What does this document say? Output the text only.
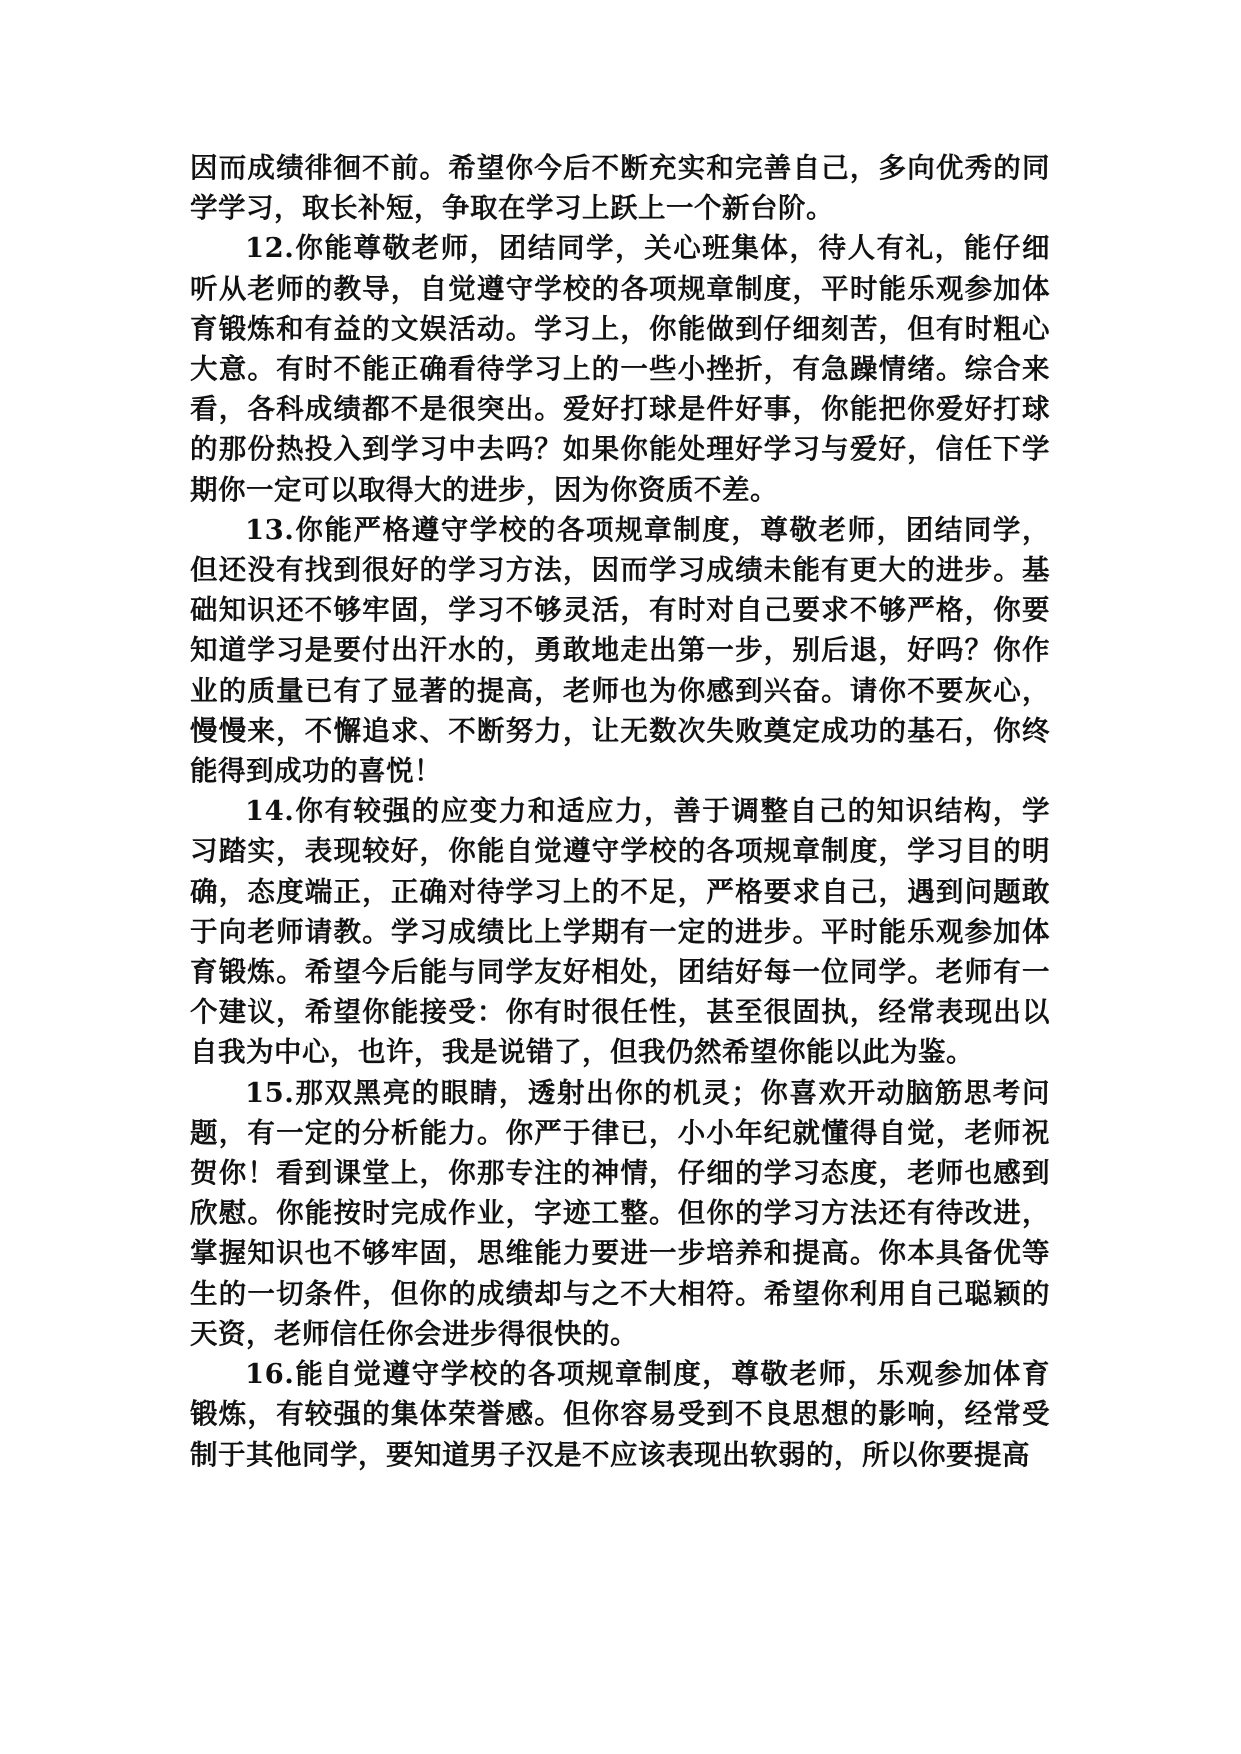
因而成绩徘徊不前。希望你今后不断充实和完善自己，多向优秀的同学学习，取长补短，争取在学习上跃上一个新台阶。

12.你能尊敬老师，团结同学，关心班集体，待人有礼，能仔细听从老师的教导，自觉遵守学校的各项规章制度，平时能乐观参加体育锻炼和有益的文娱活动。学习上，你能做到仔细刻苦，但有时粗心大意。有时不能正确看待学习上的一些小挫折，有急躁情绪。综合来看，各科成绩都不是很突出。爱好打球是件好事，你能把你爱好打球的那份热投入到学习中去吗？如果你能处理好学习与爱好，信任下学期你一定可以取得大的进步，因为你资质不差。

13.你能严格遵守学校的各项规章制度，尊敬老师，团结同学，但还没有找到很好的学习方法，因而学习成绩未能有更大的进步。基础知识还不够牢固，学习不够灵活，有时对自己要求不够严格，你要知道学习是要付出汗水的，勇敢地走出第一步，别后退，好吗？你作业的质量已有了显著的提高，老师也为你感到兴奋。请你不要灰心，慢慢来，不懈追求、不断努力，让无数次失败奠定成功的基石，你终能得到成功的喜悦！

14.你有较强的应变力和适应力，善于调整自己的知识结构，学习踏实，表现较好，你能自觉遵守学校的各项规章制度，学习目的明确，态度端正，正确对待学习上的不足，严格要求自己，遇到问题敢于向老师请教。学习成绩比上学期有一定的进步。平时能乐观参加体育锻炼。希望今后能与同学友好相处，团结好每一位同学。老师有一个建议，希望你能接受：你有时很任性，甚至很固执，经常表现出以自我为中心，也许，我是说错了，但我仍然希望你能以此为鉴。

15.那双黑亮的眼睛，透射出你的机灵；你喜欢开动脑筋思考问题，有一定的分析能力。你严于律已，小小年纪就懂得自觉，老师祝贺你！看到课堂上，你那专注的神情，仔细的学习态度，老师也感到欣慰。你能按时完成作业，字迹工整。但你的学习方法还有待改进，掌握知识也不够牢固，思维能力要进一步培养和提高。你本具备优等生的一切条件，但你的成绩却与之不大相符。希望你利用自己聪颖的天资，老师信任你会进步得很快的。

16.能自觉遵守学校的各项规章制度，尊敬老师，乐观参加体育锻炼，有较强的集体荣誉感。但你容易受到不良思想的影响，经常受制于其他同学，要知道男子汉是不应该表现出软弱的，所以你要提高
